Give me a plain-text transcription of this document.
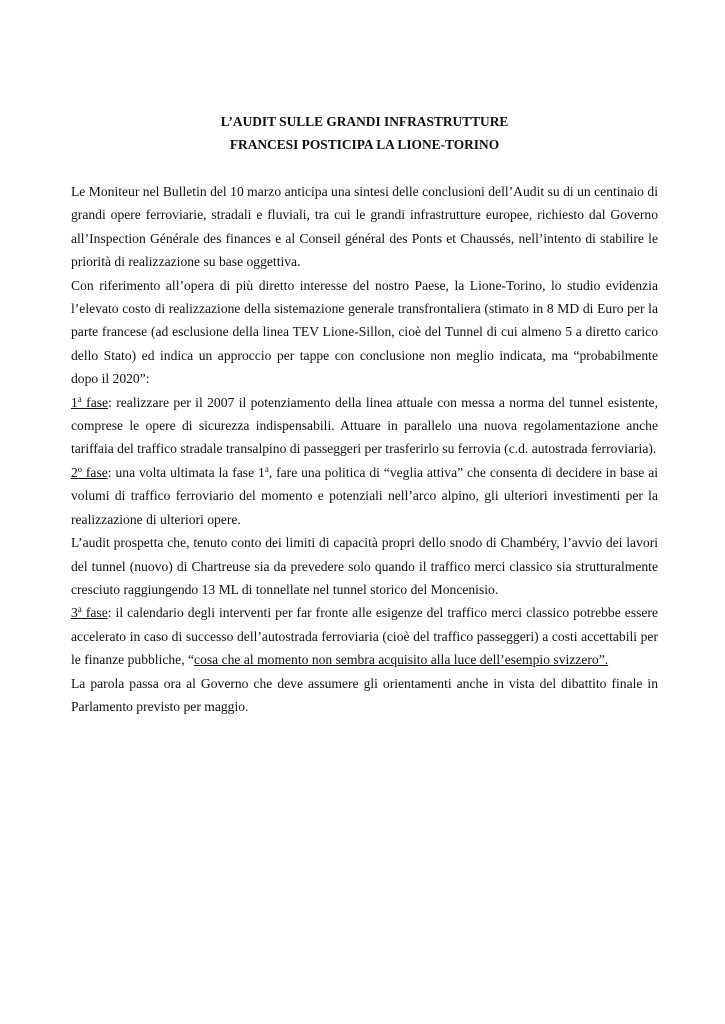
L’AUDIT SULLE GRANDI INFRASTRUTTURE
FRANCESI POSTICIPA LA LIONE-TORINO

Le Moniteur nel Bulletin del 10 marzo anticipa una sintesi delle conclusioni dell’Audit su di un centinaio di grandi opere ferroviarie, stradali e fluviali, tra cui le grandi infrastrutture europee, richiesto dal Governo all’Inspection Générale des finances e al Conseil général des Ponts et Chaussés, nell’intento di stabilire le priorità di realizzazione su base oggettiva.

Con riferimento all’opera di più diretto interesse del nostro Paese, la Lione-Torino, lo studio evidenzia l’elevato costo di realizzazione della sistemazione generale transfrontaliera (stimato in 8 MD di Euro per la parte francese (ad esclusione della linea TEV Lione-Sillon, cioè del Tunnel di cui almeno 5 a diretto carico dello Stato) ed indica un approccio per tappe con conclusione non meglio indicata, ma “probabilmente dopo il 2020”:

1$^a$ fase: realizzare per il 2007 il potenziamento della linea attuale con messa a norma del tunnel esistente, comprese le opere di sicurezza indispensabili. Attuare in parallelo una nuova regolamentazione anche tariffaia del traffico stradale transalpino di passeggeri per trasferirlo su ferrovia (c.d. autostrada ferroviaria).

2º fase: una volta ultimata la fase 1$^a$, fare una politica di “veglia attiva” che consenta di decidere in base ai volumi di traffico ferroviario del momento e potenziali nell’arco alpino, gli ulteriori investimenti per la realizzazione di ulteriori opere.

L’audit prospetta che, tenuto conto dei limiti di capacità propri dello snodo di Chambéry, l’avvio dei lavori del tunnel (nuovo) di Chartreuse sia da prevedere solo quando il traffico merci classico sia strutturalmente cresciuto raggiungendo 13 ML di tonnellate nel tunnel storico del Moncenisio.

3$^a$ fase: il calendario degli interventi per far fronte alle esigenze del traffico merci classico potrebbe essere accelerato in caso di successo dell’autostrada ferroviaria (cioè del traffico passeggeri) a costi accettabili per le finanze pubbliche, “cosa che al momento non sembra acquisito alla luce dell’esempio svizzero”.

La parola passa ora al Governo che deve assumere gli orientamenti anche in vista del dibattito finale in Parlamento previsto per maggio.
